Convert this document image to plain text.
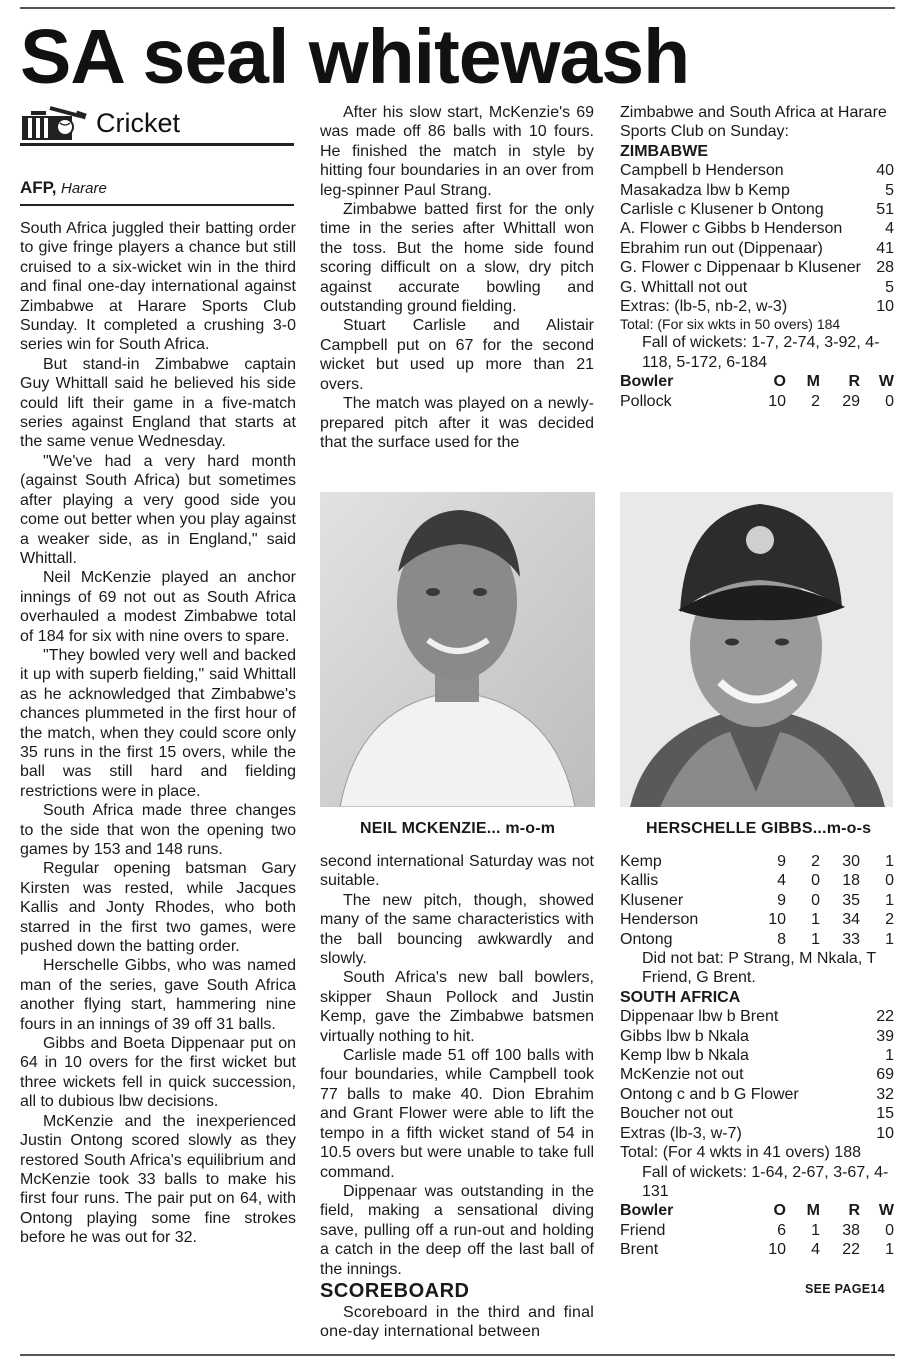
SA seal whitewash
Cricket
AFP, Harare

South Africa juggled their batting order to give fringe players a chance but still cruised to a six-wicket win in the third and final one-day international against Zimbabwe at Harare Sports Club Sunday. It completed a crushing 3-0 series win for South Africa.

But stand-in Zimbabwe captain Guy Whittall said he believed his side could lift their game in a five-match series against England that starts at the same venue Wednesday.

"We've had a very hard month (against South Africa) but sometimes after playing a very good side you come out better when you play against a weaker side, as in England," said Whittall.

Neil McKenzie played an anchor innings of 69 not out as South Africa overhauled a modest Zimbabwe total of 184 for six with nine overs to spare.

"They bowled very well and backed it up with superb fielding," said Whittall as he acknowledged that Zimbabwe's chances plummeted in the first hour of the match, when they could score only 35 runs in the first 15 overs, while the ball was still hard and fielding restrictions were in place.

South Africa made three changes to the side that won the opening two games by 153 and 148 runs.

Regular opening batsman Gary Kirsten was rested, while Jacques Kallis and Jonty Rhodes, who both starred in the first two games, were pushed down the batting order.

Herschelle Gibbs, who was named man of the series, gave South Africa another flying start, hammering nine fours in an innings of 39 off 31 balls.

Gibbs and Boeta Dippenaar put on 64 in 10 overs for the first wicket but three wickets fell in quick succession, all to dubious lbw decisions.

McKenzie and the inexperienced Justin Ontong scored slowly as they restored South Africa's equilibrium and McKenzie took 33 balls to make his first four runs. The pair put on 64, with Ontong playing some fine strokes before he was out for 32.

After his slow start, McKenzie's 69 was made off 86 balls with 10 fours. He finished the match in style by hitting four boundaries in an over from leg-spinner Paul Strang.

Zimbabwe batted first for the only time in the series after Whittall won the toss. But the home side found scoring difficult on a slow, dry pitch against accurate bowling and outstanding ground fielding.

Stuart Carlisle and Alistair Campbell put on 67 for the second wicket but used up more than 21 overs.

The match was played on a newly-prepared pitch after it was decided that the surface used for the

NEIL MCKENZIE... m-o-m	HERSCHELLE GIBBS...m-o-s

second international Saturday was not suitable.

The new pitch, though, showed many of the same characteristics with the ball bouncing awkwardly and slowly.

South Africa's new ball bowlers, skipper Shaun Pollock and Justin Kemp, gave the Zimbabwe batsmen virtually nothing to hit.

Carlisle made 51 off 100 balls with four boundaries, while Campbell took 77 balls to make 40. Dion Ebrahim and Grant Flower were able to lift the tempo in a fifth wicket stand of 54 in 10.5 overs but were unable to take full command.

Dippenaar was outstanding in the field, making a sensational diving save, pulling off a run-out and holding a catch in the deep off the last ball of the innings.

SCOREBOARD

Scoreboard in the third and final one-day international between

Zimbabwe and South Africa at Harare Sports Club on Sunday:
ZIMBABWE
Campbell b Henderson	40
Masakadza lbw b Kemp	5
Carlisle c Klusener b Ontong	51
A. Flower c Gibbs b Henderson	4
Ebrahim run out (Dippenaar)	41
G. Flower c Dippenaar b Klusener 28
G. Whittall not out	5
Extras: (lb-5, nb-2, w-3)	10
Total: (For six wkts in 50 overs) 184
Fall of wickets: 1-7, 2-74, 3-92, 4-118, 5-172, 6-184
Bowler	O	M	R	W
Pollock	10	2	29	0
Kemp	9	2	30	1
Kallis	4	0	18	0
Klusener	9	0	35	1
Henderson	10	1	34	2
Ontong	8	1	33	1
Did not bat: P Strang, M Nkala, T Friend, G Brent.
SOUTH AFRICA
Dippenaar lbw b Brent	22
Gibbs lbw b Nkala	39
Kemp lbw b Nkala	1
McKenzie not out	69
Ontong c and b G Flower	32
Boucher not out	15
Extras (lb-3, w-7)	10
Total: (For 4 wkts in 41 overs) 188
Fall of wickets: 1-64, 2-67, 3-67, 4-131
Bowler	O	M	R	W
Friend	6	1	38	0
Brent	10	4	22	1
SEE PAGE14
